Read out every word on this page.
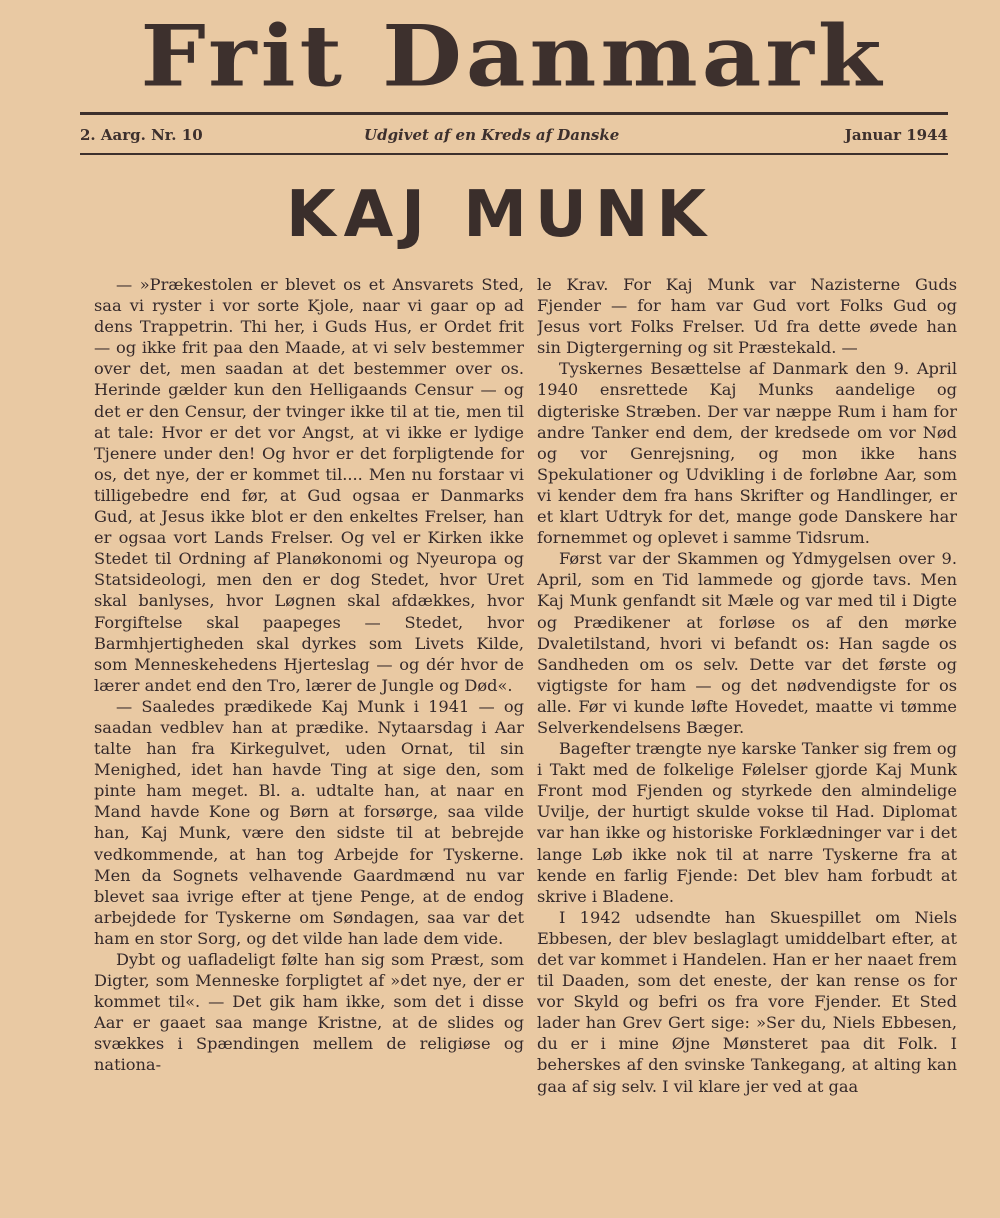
Frit Danmark
2. Aarg. Nr. 10	Udgivet af en Kreds af Danske	Januar 1944
KAJ MUNK

— »Prækestolen er blevet os et Ansvarets Sted, saa vi ryster i vor sorte Kjole, naar vi gaar op ad dens Trappetrin. Thi her, i Guds Hus, er Ordet frit — og ikke frit paa den Maade, at vi selv bestemmer over det, men saadan at det bestemmer over os. Herinde gælder kun den Helligaands Censur — og det er den Censur, der tvinger ikke til at tie, men til at tale: Hvor er det vor Angst, at vi ikke er lydige Tjenere under den! Og hvor er det forpligtende for os, det nye, der er kommet til.... Men nu forstaar vi tilligebedre end før, at Gud ogsaa er Danmarks Gud, at Jesus ikke blot er den enkeltes Frelser, han er ogsaa vort Lands Frelser. Og vel er Kirken ikke Stedet til Ordning af Planøkonomi og Nyeuropa og Statsideologi, men den er dog Stedet, hvor Uret skal banlyses, hvor Løgnen skal afdækkes, hvor Forgiftelse skal paapeges — Stedet, hvor Barmhjertigheden skal dyrkes som Livets Kilde, som Menneskehedens Hjerteslag — og dér hvor de lærer andet end den Tro, lærer de Jungle og Død«.

— Saaledes prædikede Kaj Munk i 1941 — og saadan vedblev han at prædike. Nytaarsdag i Aar talte han fra Kirkegulvet, uden Ornat, til sin Menighed, idet han havde Ting at sige den, som pinte ham meget. Bl. a. udtalte han, at naar en Mand havde Kone og Børn at forsørge, saa vilde han, Kaj Munk, være den sidste til at bebrejde vedkommende, at han tog Arbejde for Tyskerne. Men da Sognets velhavende Gaardmænd nu var blevet saa ivrige efter at tjene Penge, at de endog arbejdede for Tyskerne om Søndagen, saa var det ham en stor Sorg, og det vilde han lade dem vide.

Dybt og uafladeligt følte han sig som Præst, som Digter, som Menneske forpligtet af »det nye, der er kommet til«. — Det gik ham ikke, som det i disse Aar er gaaet saa mange Kristne, at de slides og svækkes i Spændingen mellem de religiøse og nationa-

le Krav. For Kaj Munk var Nazisterne Guds Fjender — for ham var Gud vort Folks Gud og Jesus vort Folks Frelser. Ud fra dette øvede han sin Digtergerning og sit Præstekald. —

Tyskernes Besættelse af Danmark den 9. April 1940 ensrettede Kaj Munks aandelige og digteriske Stræben. Der var næppe Rum i ham for andre Tanker end dem, der kredsede om vor Nød og vor Genrejsning, og mon ikke hans Spekulationer og Udvikling i de forløbne Aar, som vi kender dem fra hans Skrifter og Handlinger, er et klart Udtryk for det, mange gode Danskere har fornemmet og oplevet i samme Tidsrum.

Først var der Skammen og Ydmygelsen over 9. April, som en Tid lammede og gjorde tavs. Men Kaj Munk genfandt sit Mæle og var med til i Digte og Prædikener at forløse os af den mørke Dvaletilstand, hvori vi befandt os: Han sagde os Sandheden om os selv. Dette var det første og vigtigste for ham — og det nødvendigste for os alle. Før vi kunde løfte Hovedet, maatte vi tømme Selverkendelsens Bæger.

Bagefter trængte nye karske Tanker sig frem og i Takt med de folkelige Følelser gjorde Kaj Munk Front mod Fjenden og styrkede den almindelige Uvilje, der hurtigt skulde vokse til Had. Diplomat var han ikke og historiske Forklædninger var i det lange Løb ikke nok til at narre Tyskerne fra at kende en farlig Fjende: Det blev ham forbudt at skrive i Bladene.

I 1942 udsendte han Skuespillet om Niels Ebbesen, der blev beslaglagt umiddelbart efter, at det var kommet i Handelen. Han er her naaet frem til Daaden, som det eneste, der kan rense os for vor Skyld og befri os fra vore Fjender. Et Sted lader han Grev Gert sige: »Ser du, Niels Ebbesen, du er i mine Øjne Mønsteret paa dit Folk. I beherskes af den svinske Tankegang, at alting kan gaa af sig selv. I vil klare jer ved at gaa
